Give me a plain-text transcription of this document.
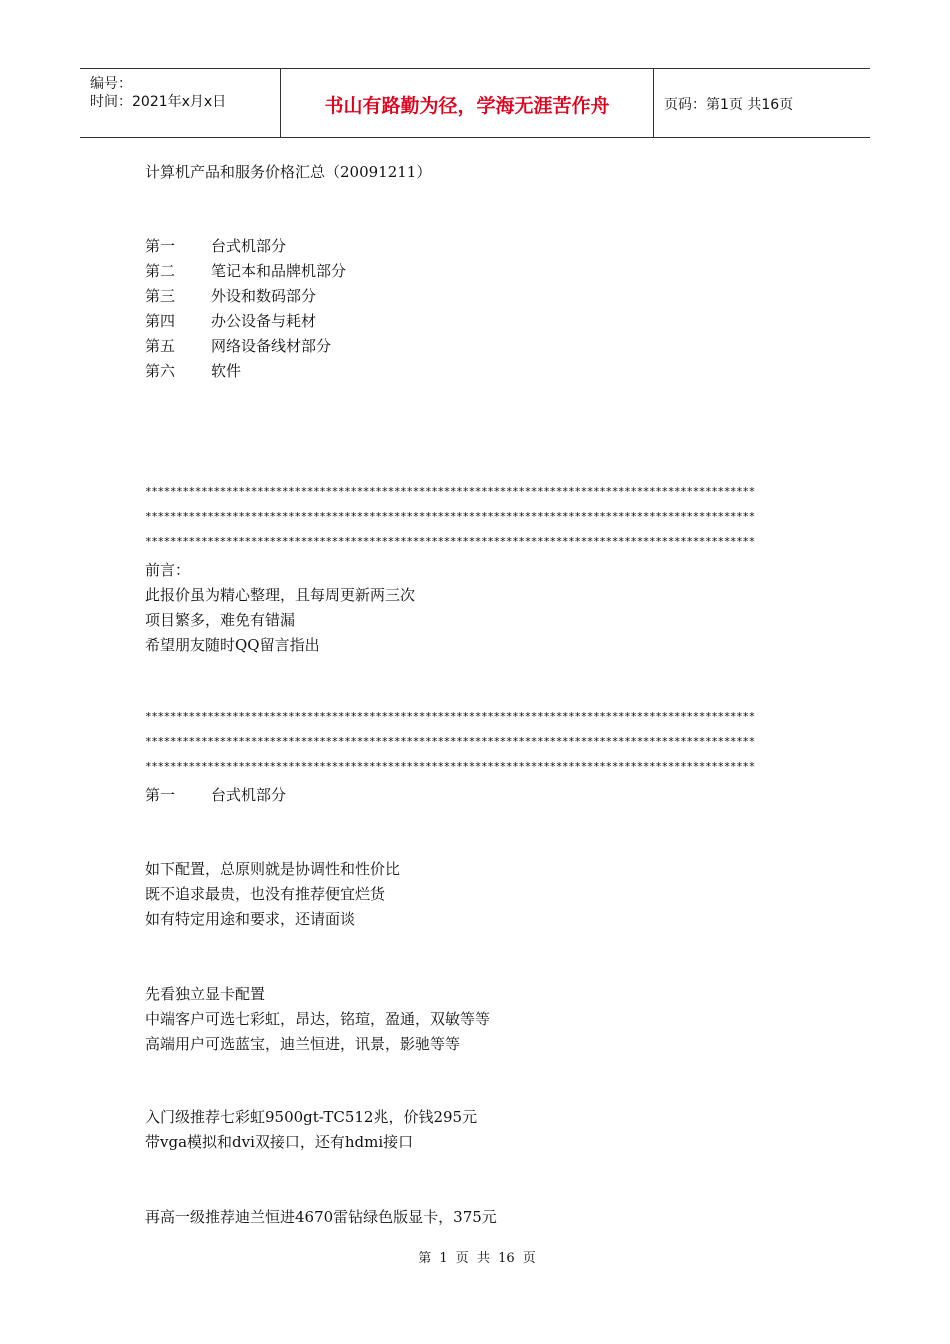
编号：
时间：2021年x月x日	书山有路勤为径，学海无涯苦作舟	页码：第1页 共16页
计算机产品和服务价格汇总（20091211）
第一 台式机部分
第二 笔记本和品牌机部分
第三 外设和数码部分
第四 办公设备与耗材
第五 网络设备线材部分
第六 软件
**************************************************************************************************
**************************************************************************************************
**************************************************************************************************
前言：
此报价虽为精心整理，且每周更新两三次
项目繁多，难免有错漏
希望朋友随时QQ留言指出
**************************************************************************************************
**************************************************************************************************
**************************************************************************************************
第一 台式机部分
如下配置，总原则就是协调性和性价比
既不追求最贵，也没有推荐便宜烂货
如有特定用途和要求，还请面谈
先看独立显卡配置
中端客户可选七彩虹，昂达，铭瑄，盈通，双敏等等
高端用户可选蓝宝，迪兰恒进，讯景，影驰等等
入门级推荐七彩虹9500gt-TC512兆，价钱295元
带vga模拟和dvi双接口，还有hdmi接口
再高一级推荐迪兰恒进4670雷钻绿色版显卡，375元
第 1 页 共 16 页
